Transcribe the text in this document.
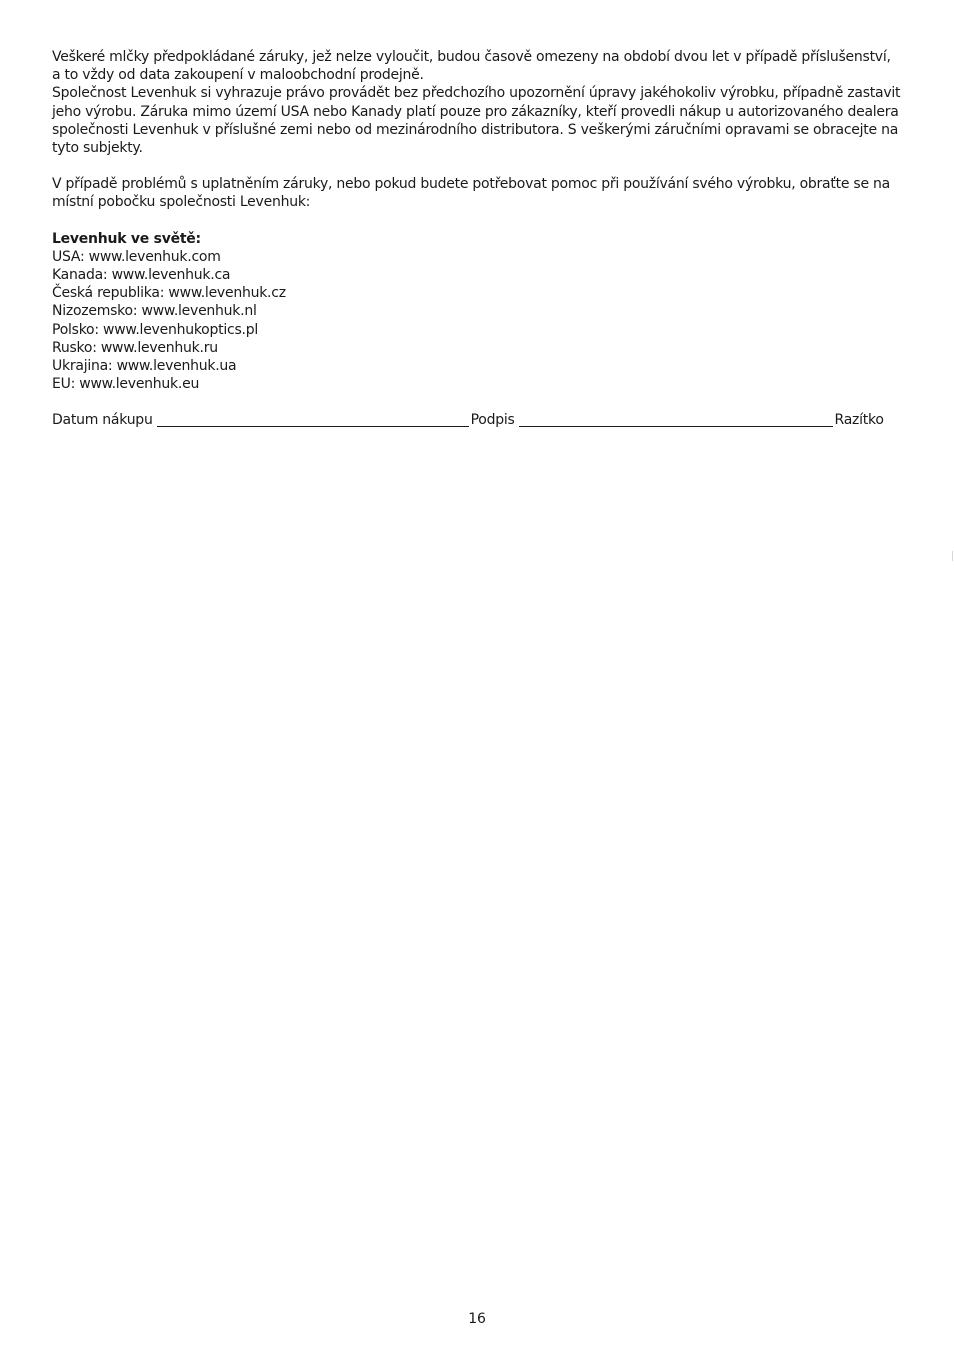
Veškeré mlčky předpokládané záruky, jež nelze vyloučit, budou časově omezeny na období dvou let v případě příslušenství, a to vždy od data zakoupení v maloobchodní prodejně.

Společnost Levenhuk si vyhrazuje právo provádět bez předchozího upozornění úpravy jakéhokoliv výrobku, případně zastavit jeho výrobu. Záruka mimo území USA nebo Kanady platí pouze pro zákazníky, kteří provedli nákup u autorizovaného dealera společnosti Levenhuk v příslušné zemi nebo od mezinárodního distributora. S veškerými záručními opravami se obracejte na tyto subjekty.

V případě problémů s uplatněním záruky, nebo pokud budete potřebovat pomoc při používání svého výrobku, obraťte se na místní pobočku společnosti Levenhuk:

Levenhuk ve světě:

USA: www.levenhuk.com
Kanada: www.levenhuk.ca
Česká republika: www.levenhuk.cz
Nizozemsko: www.levenhuk.nl
Polsko: www.levenhukoptics.pl
Rusko: www.levenhuk.ru
Ukrajina: www.levenhuk.ua
EU: www.levenhuk.eu
Datum nákupu	Podpis	Razítko
16
